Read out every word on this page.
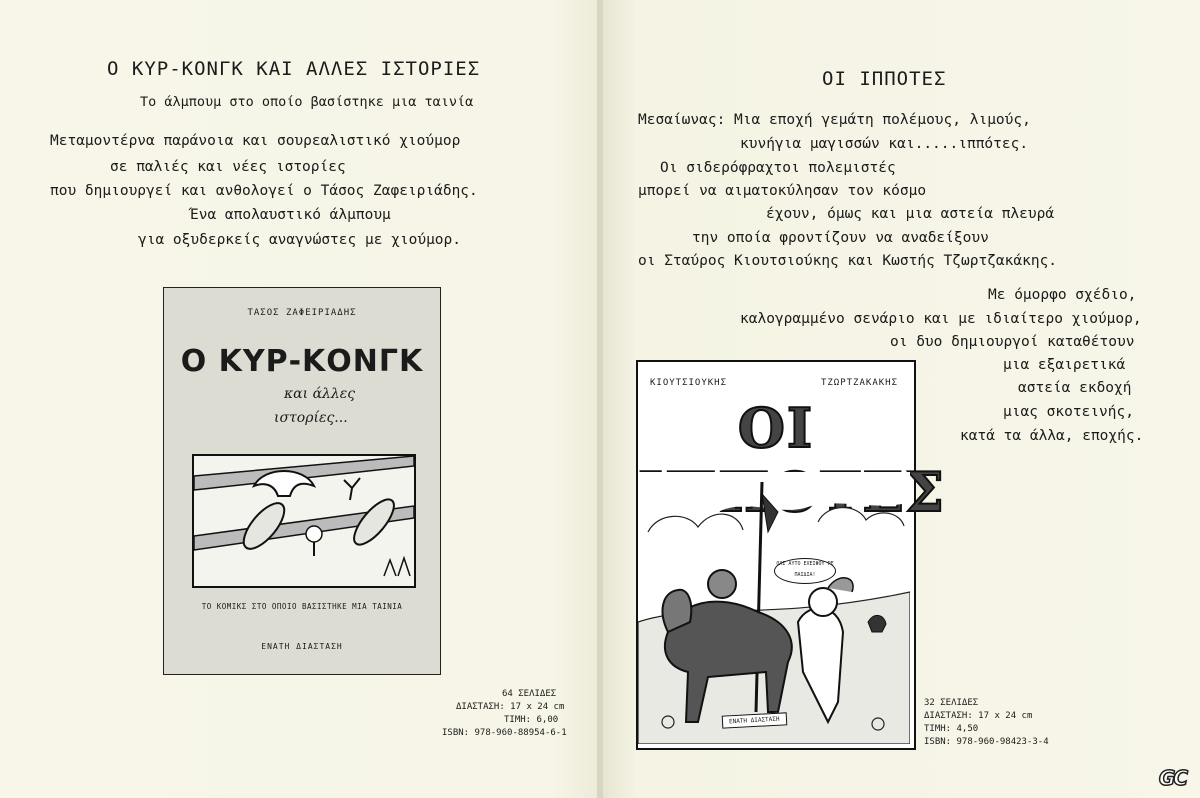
Ο ΚΥΡ-ΚΟΝΓΚ ΚΑΙ ΑΛΛΕΣ ΙΣΤΟΡΙΕΣ
Το άλμπουμ στο οποίο βασίστηκε μια ταινία
Μεταμοντέρνα παράνοια και σουρεαλιστικό χιούμορ
σε παλιές και νέες ιστορίες
που δημιουργεί και ανθολογεί ο Τάσος Ζαφειριάδης.
Ένα απολαυστικό άλμπουμ
για οξυδερκείς αναγνώστες με χιούμορ.
ΤΑΣΟΣ ΖΑΦΕΙΡΙΑΔΗΣ
Ο ΚΥΡ-ΚΟΝΓΚ
και άλλες
ιστορίες...
ΤΟ ΚΟΜΙΚΣ ΣΤΟ ΟΠΟΙΟ ΒΑΣΙΣΤΗΚΕ ΜΙΑ ΤΑΙΝΙΑ
ΕΝΑΤΗ ΔΙΑΣΤΑΣΗ
64 ΣΕΛΙΔΕΣ
ΔΙΑΣΤΑΣΗ: 17 x 24 cm
ΤΙΜΗ: 6,00
ISBN: 978-960-88954-6-1
ΟΙ ΙΠΠΟΤΕΣ
Μεσαίωνας: Μια εποχή γεμάτη πολέμους, λιμούς,
κυνήγια μαγισσών και.....ιππότες.
Οι σιδερόφραχτοι πολεμιστές
μπορεί να αιματοκύλησαν τον κόσμο
έχουν, όμως και μια αστεία πλευρά
την οποία φροντίζουν να αναδείξουν
οι Σταύρος Κιουτσιούκης και Κωστής Τζωρτζακάκης.
Με όμορφο σχέδιο,
καλογραμμένο σενάριο και με ιδιαίτερο χιούμορ,
οι δυο δημιουργοί καταθέτουν
μια εξαιρετικά
αστεία εκδοχή
μιας σκοτεινής,
κατά τα άλλα, εποχής.
ΚΙΟΥΤΣΙΟΥΚΗΣ	ΤΖΩΡΤΖΑΚΑΚΗΣ
ΟΙ
ΟΧΙ ΑΥΤΟ ΕΧΕΙΦΟΥ ΡΕ ΠΑΙΔΙΑ!
ΕΝΑΤΗ ΔΙΑΣΤΑΣΗ
32 ΣΕΛΙΔΕΣ
ΔΙΑΣΤΑΣΗ: 17 x 24 cm
ΤΙΜΗ: 4,50
ISBN: 978-960-98423-3-4
GC
